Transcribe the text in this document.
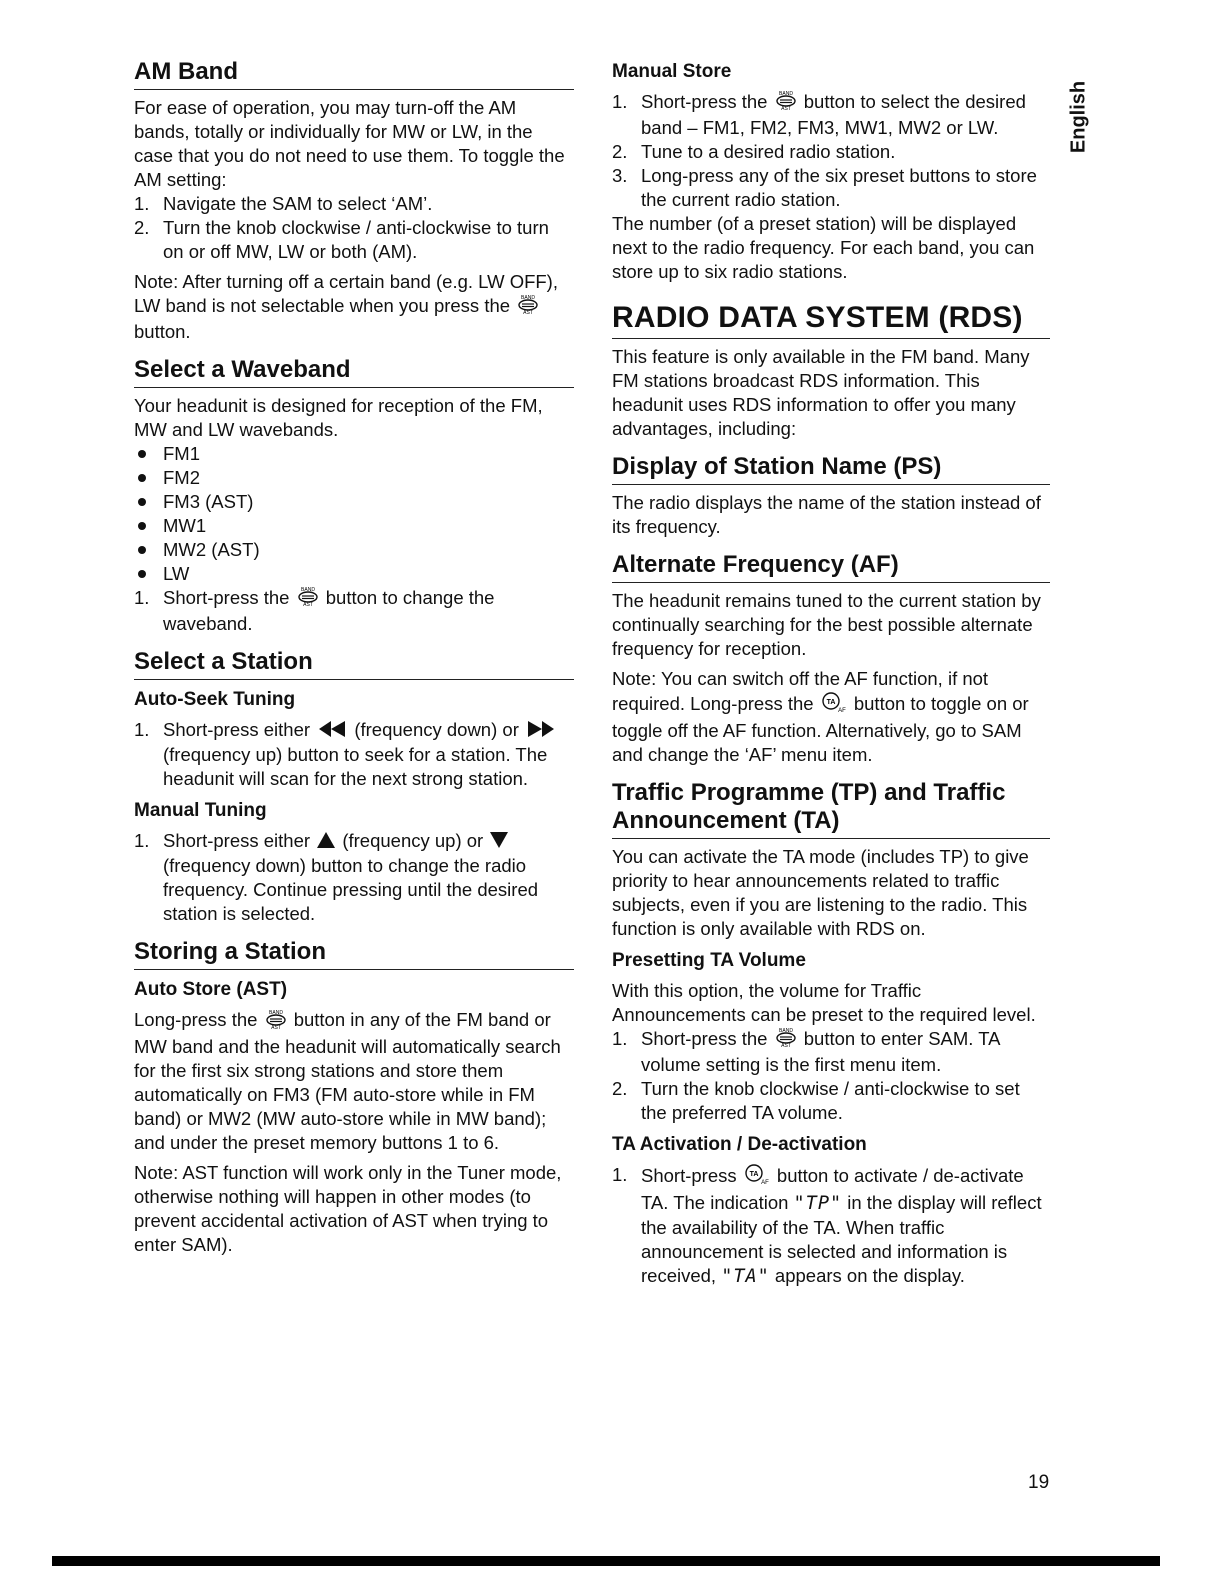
English
AM Band

For ease of operation, you may turn-off the AM bands, totally or individually for MW or LW, in the case that you do not need to use them. To toggle the AM setting:

1. Navigate the SAM to select ‘AM’.
2. Turn the knob clockwise / anti-clockwise to turn on or off MW, LW or both (AM).

Note: After turning off a certain band (e.g. LW OFF), LW band is not selectable when you press the BAND
AST
button.

Select a Waveband

Your headunit is designed for reception of the FM, MW and LW wavebands.

FM1
FM2
FM3 (AST)
MW1
MW2 (AST)
LW
1. Short-press the BAND
AST button to change the waveband.
Select a Station
Auto-Seek Tuning
1. Short-press either (frequency down) or  (frequency up) button to seek for a station. The headunit will scan for the next strong station.
Manual Tuning
1. Short-press either (frequency up) or  (frequency down) button to change the radio frequency. Continue pressing until the desired station is selected.
Storing a Station
Auto Store (AST)

Long-press the BAND
AST button in any of the FM band or MW band and the headunit will automatically search for the first six strong stations and store them automatically on FM3 (FM auto-store while in FM band) or MW2 (MW auto-store while in MW band); and under the preset memory buttons 1 to 6.

Note: AST function will work only in the Tuner mode, otherwise nothing will happen in other modes (to prevent accidental activation of AST when trying to enter SAM).

Manual Store
1. Short-press the BAND
AST button to select the desired band – FM1, FM2, FM3, MW1, MW2 or LW.
2. Tune to a desired radio station.
3. Long-press any of the six preset buttons to store the current radio station.

The number (of a preset station) will be displayed next to the radio frequency. For each band, you can store up to six radio stations.

RADIO DATA SYSTEM (RDS)

This feature is only available in the FM band. Many FM stations broadcast RDS information. This headunit uses RDS information to offer you many advantages, including:

Display of Station Name (PS)

The radio displays the name of the station instead of its frequency.

Alternate Frequency (AF)

The headunit remains tuned to the current station by continually searching for the best possible alternate frequency for reception.

Note: You can switch off the AF function, if not required. Long-press the TA
AF button to toggle on or toggle off the AF function. Alternatively, go to SAM and change the ‘AF’ menu item.

Traffic Programme (TP) and Traffic Announcement (TA)

You can activate the TA mode (includes TP) to give priority to hear announcements related to traffic subjects, even if you are listening to the radio. This function is only available with RDS on.

Presetting TA Volume

With this option, the volume for Traffic Announcements can be preset to the required level.

1. Short-press the BAND
AST button to enter SAM. TA volume setting is the first menu item.
2. Turn the knob clockwise / anti-clockwise to set the preferred TA volume.
TA Activation / De-activation
1. Short-press TA
AF button to activate / de-activate TA. The indication "TP" in the display will reflect the availability of the TA. When traffic announcement is selected and information is received, "TA" appears on the display.
19
